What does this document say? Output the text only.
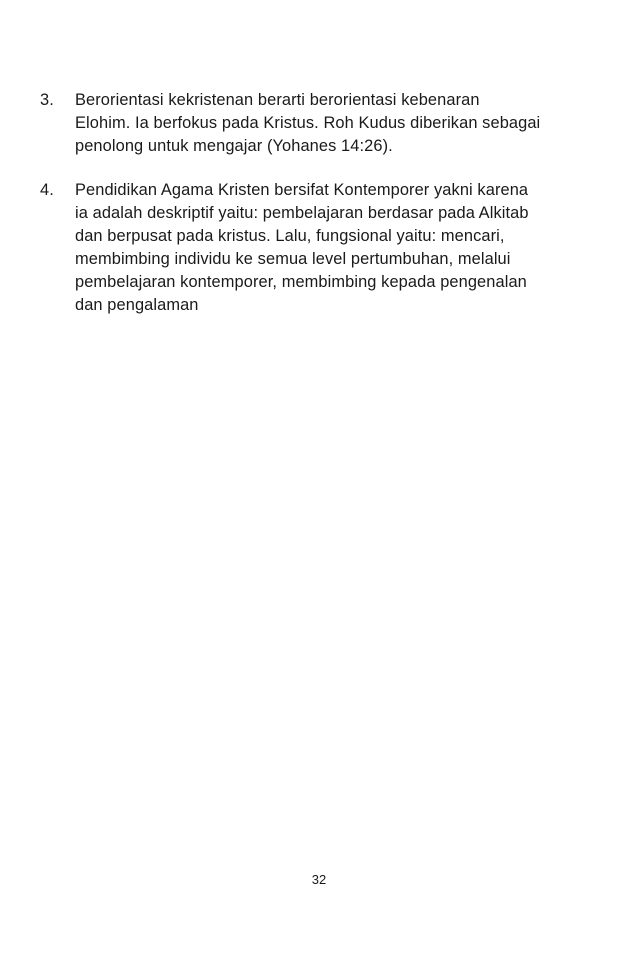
3. Berorientasi kekristenan berarti berorientasi kebenaran
Elohim. Ia berfokus pada Kristus. Roh Kudus diberikan sebagai
penolong untuk mengajar (Yohanes 14:26).
4. Pendidikan Agama Kristen bersifat Kontemporer yakni karena
ia adalah deskriptif yaitu: pembelajaran berdasar pada Alkitab
dan berpusat pada kristus. Lalu, fungsional yaitu: mencari,
membimbing individu ke semua level pertumbuhan, melalui
pembelajaran kontemporer, membimbing kepada pengenalan
dan pengalaman
32
